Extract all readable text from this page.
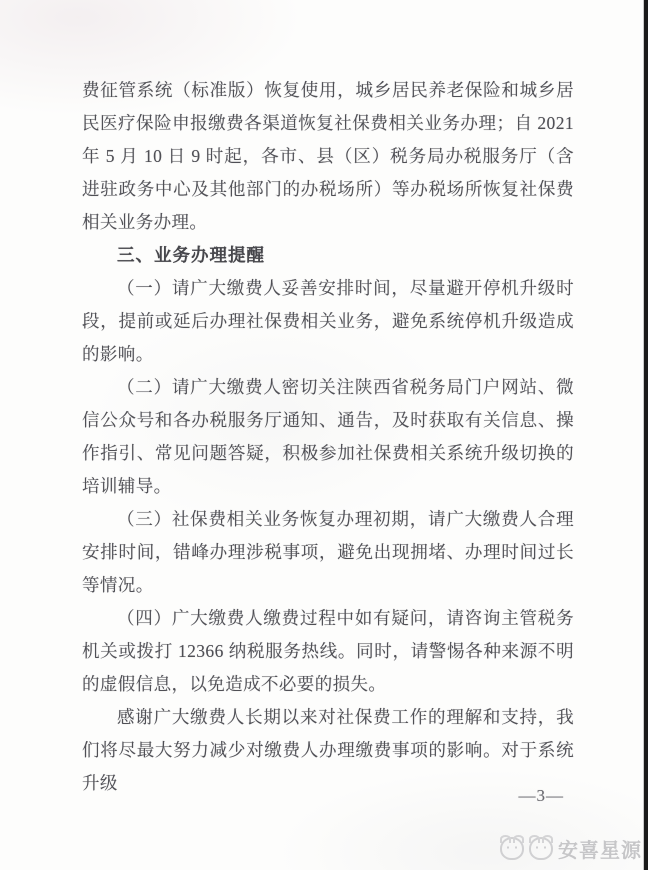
费征管系统（标准版）恢复使用，城乡居民养老保险和城乡居民医疗保险申报缴费各渠道恢复社保费相关业务办理；自 2021 年 5 月 10 日 9 时起，各市、县（区）税务局办税服务厅（含进驻政务中心及其他部门的办税场所）等办税场所恢复社保费相关业务办理。

三、业务办理提醒

（一）请广大缴费人妥善安排时间，尽量避开停机升级时段，提前或延后办理社保费相关业务，避免系统停机升级造成的影响。

（二）请广大缴费人密切关注陕西省税务局门户网站、微信公众号和各办税服务厅通知、通告，及时获取有关信息、操作指引、常见问题答疑，积极参加社保费相关系统升级切换的培训辅导。

（三）社保费相关业务恢复办理初期，请广大缴费人合理安排时间，错峰办理涉税事项，避免出现拥堵、办理时间过长等情况。

（四）广大缴费人缴费过程中如有疑问，请咨询主管税务机关或拨打 12366 纳税服务热线。同时，请警惕各种来源不明的虚假信息，以免造成不必要的损失。

感谢广大缴费人长期以来对社保费工作的理解和支持，我们将尽最大努力减少对缴费人办理缴费事项的影响。对于系统升级

—3—
安喜星源
